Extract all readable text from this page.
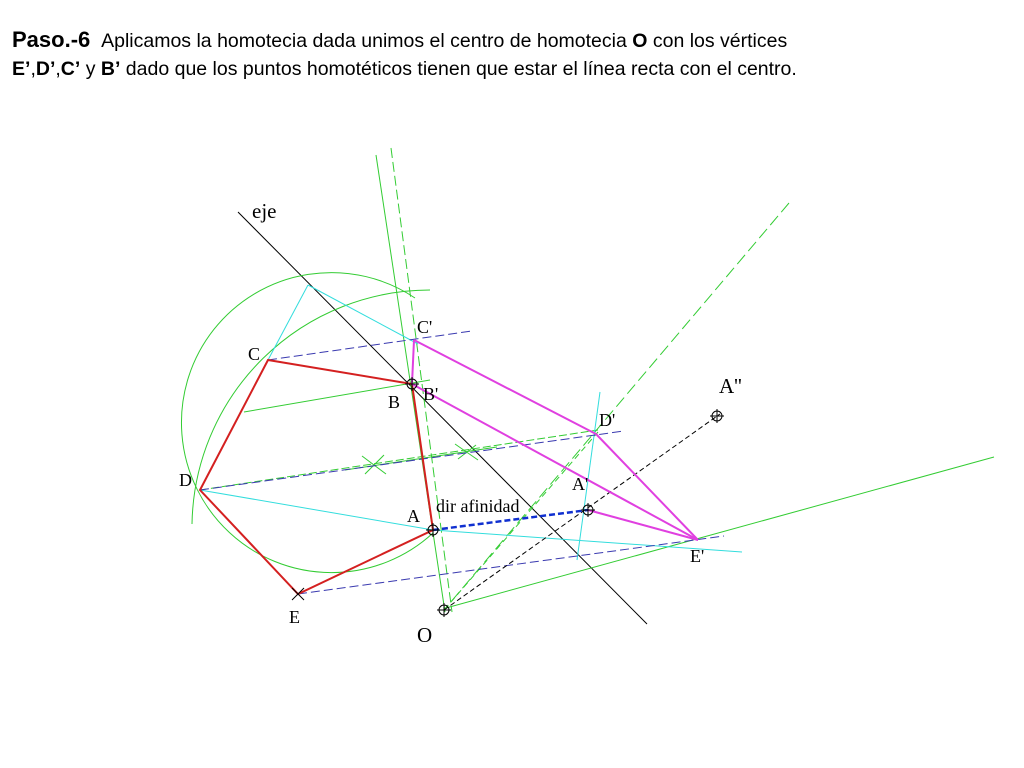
Paso.-6 Aplicamos la homotecia dada unimos el centro de homotecia O con los vértices
E’,D’,C’ y B’ dado que los puntos homotéticos tienen que estar el línea recta con el centro.
eje
C'
C
B B'	A''
D'
D	A'
dir afinidad
A
E'
E
O
